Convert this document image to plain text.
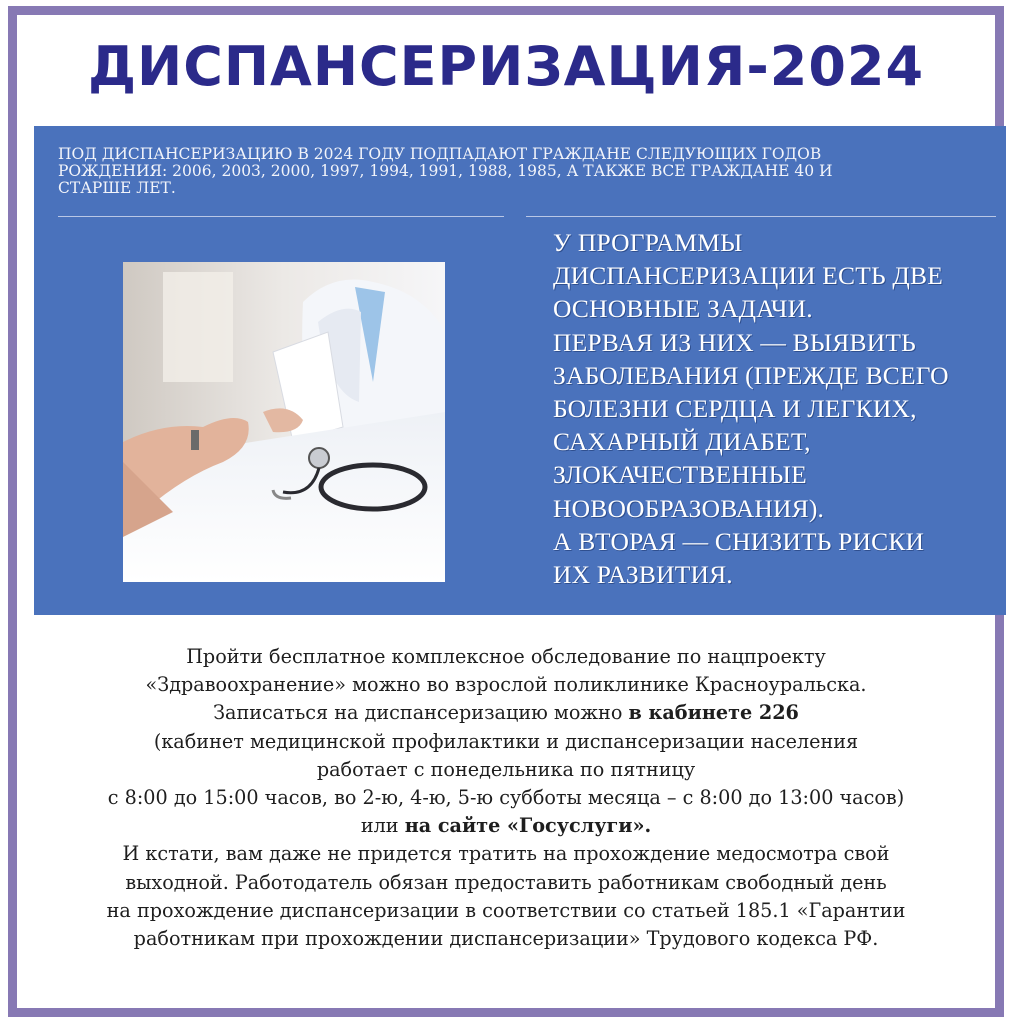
ДИСПАНСЕРИЗАЦИЯ-2024
ПОД ДИСПАНСЕРИЗАЦИЮ В 2024 ГОДУ ПОДПАДАЮТ ГРАЖДАНЕ СЛЕДУЮЩИХ ГОДОВ
РОЖДЕНИЯ: 2006, 2003, 2000, 1997, 1994, 1991, 1988, 1985, А ТАКЖЕ ВСЕ ГРАЖДАНЕ 40 И
СТАРШЕ ЛЕТ.
У ПРОГРАММЫ
ДИСПАНСЕРИЗАЦИИ ЕСТЬ ДВЕ
ОСНОВНЫЕ ЗАДАЧИ.
ПЕРВАЯ ИЗ НИХ — ВЫЯВИТЬ
ЗАБОЛЕВАНИЯ (ПРЕЖДЕ ВСЕГО
БОЛЕЗНИ СЕРДЦА И ЛЕГКИХ,
САХАРНЫЙ ДИАБЕТ,
ЗЛОКАЧЕСТВЕННЫЕ
НОВООБРАЗОВАНИЯ).
А ВТОРАЯ — СНИЗИТЬ РИСКИ
ИХ РАЗВИТИЯ.
Пройти бесплатное комплексное обследование по нацпроекту
«Здравоохранение» можно во взрослой поликлинике Красноуральска.
Записаться на диспансеризацию можно в кабинете 226
(кабинет медицинской профилактики и диспансеризации населения
работает с понедельника по пятницу
с 8:00 до 15:00 часов, во 2-ю, 4-ю, 5-ю субботы месяца – с 8:00 до 13:00 часов)
или на сайте «Госуслуги».
И кстати, вам даже не придется тратить на прохождение медосмотра свой
выходной. Работодатель обязан предоставить работникам свободный день
на прохождение диспансеризации в соответствии со статьей 185.1 «Гарантии
работникам при прохождении диспансеризации» Трудового кодекса РФ.
